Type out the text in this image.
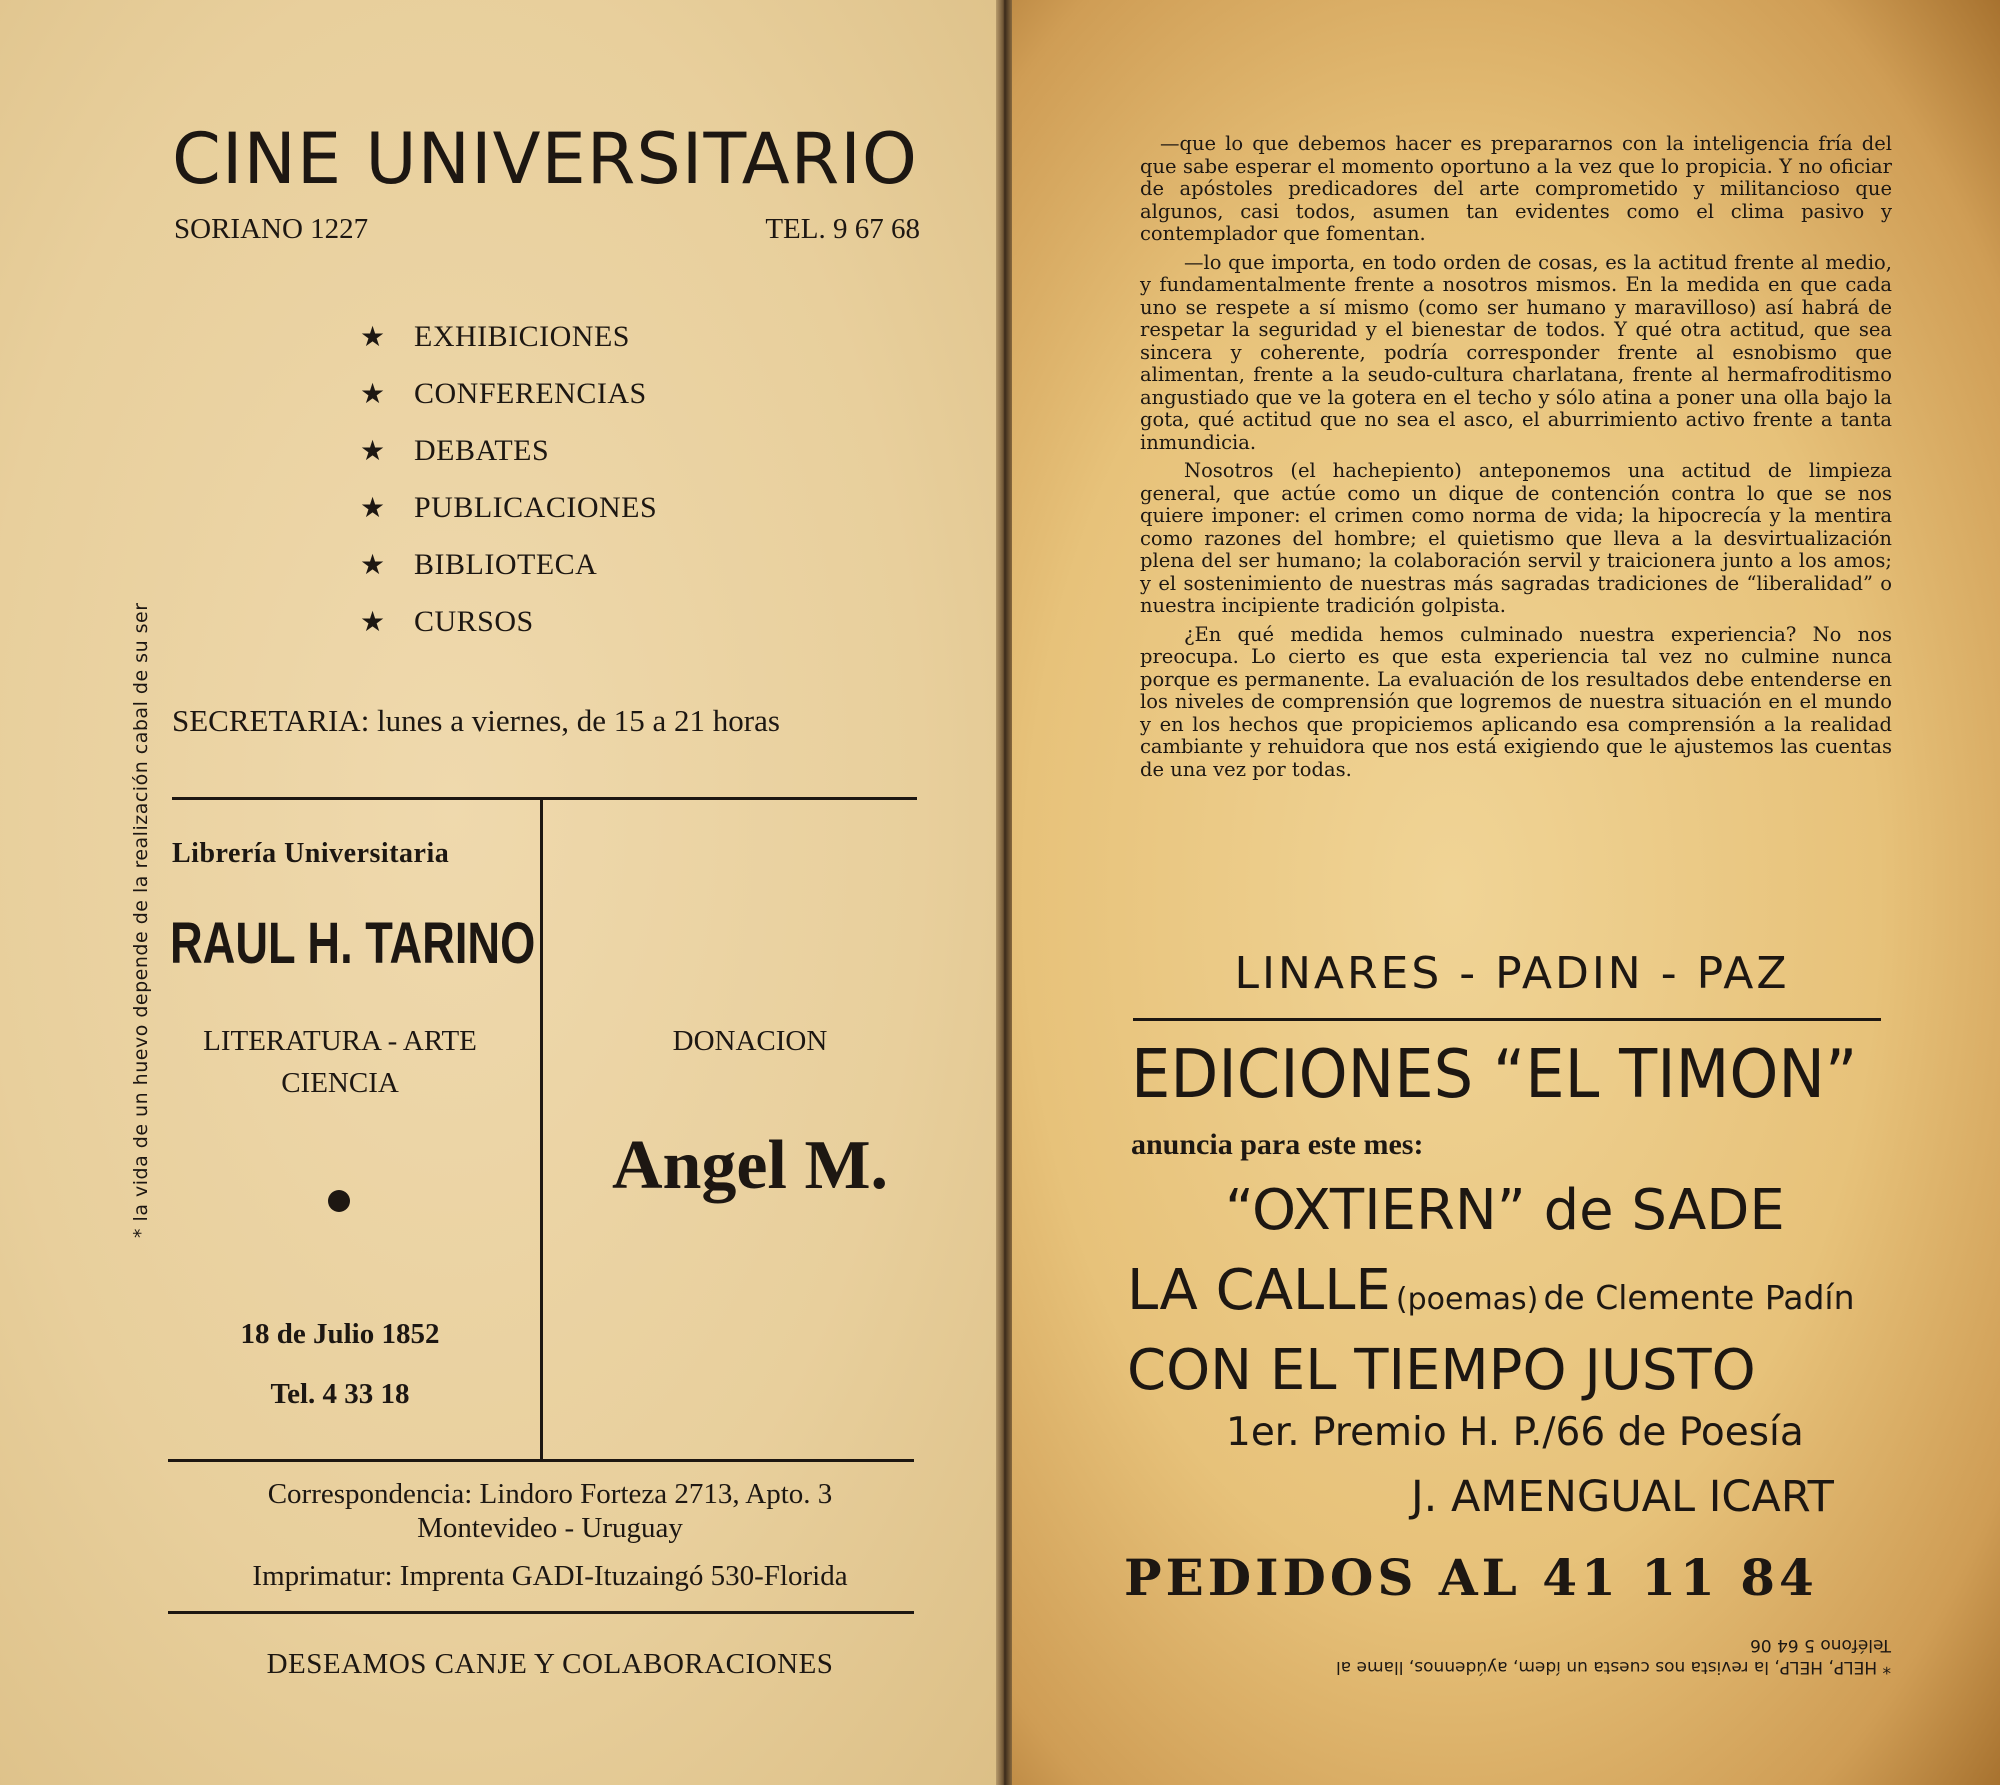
CINE UNIVERSITARIO
SORIANO 1227	TEL. 9 67 68
★ EXHIBICIONES
★ CONFERENCIAS
★ DEBATES
★ PUBLICACIONES
★ BIBLIOTECA
★ CURSOS
SECRETARIA: lunes a viernes, de 15 a 21 horas
Librería Universitaria
RAUL H. TARINO
LITERATURA - ARTE
CIENCIA
18 de Julio 1852
Tel. 4 33 18
DONACION
Angel M.
Correspondencia: Lindoro Forteza 2713, Apto. 3
Montevideo - Uruguay
Imprimatur: Imprenta GADI-Ituzaingó 530-Florida
DESEAMOS CANJE Y COLABORACIONES
* la vida de un huevo depende de la realización cabal de su ser

—que lo que debemos hacer es prepararnos con la inteligencia fría del que sabe esperar el momento oportuno a la vez que lo propicia. Y no oficiar de apóstoles predicadores del arte comprometido y militancioso que algunos, casi todos, asumen tan evidentes como el clima pasivo y contemplador que fomentan.

—lo que importa, en todo orden de cosas, es la actitud frente al medio, y fundamentalmente frente a nosotros mismos. En la medida en que cada uno se respete a sí mismo (como ser humano y maravilloso) así habrá de respetar la seguridad y el bienestar de todos. Y qué otra actitud, que sea sincera y coherente, podría corresponder frente al esnobismo que alimentan, frente a la seudo-cultura charlatana, frente al hermafroditismo angustiado que ve la gotera en el techo y sólo atina a poner una olla bajo la gota, qué actitud que no sea el asco, el aburrimiento activo frente a tanta inmundicia.

Nosotros (el hachepiento) anteponemos una actitud de limpieza general, que actúe como un dique de contención contra lo que se nos quiere imponer: el crimen como norma de vida; la hipocrecía y la mentira como razones del hombre; el quietismo que lleva a la desvirtualización plena del ser humano; la colaboración servil y traicionera junto a los amos; y el sostenimiento de nuestras más sagradas tradiciones de “liberalidad” o nuestra incipiente tradición golpista.

¿En qué medida hemos culminado nuestra experiencia? No nos preocupa. Lo cierto es que esta experiencia tal vez no culmine nunca porque es permanente. La evaluación de los resultados debe entenderse en los niveles de comprensión que logremos de nuestra situación en el mundo y en los hechos que propiciemos aplicando esa comprensión a la realidad cambiante y rehuidora que nos está exigiendo que le ajustemos las cuentas de una vez por todas.

LINARES - PADIN - PAZ
EDICIONES “EL TIMON”
anuncia para este mes:
“OXTIERN” de SADE
LA CALLE (poemas) de Clemente Padín
CON EL TIEMPO JUSTO
1er. Premio H. P./66 de Poesía
J. AMENGUAL ICART
PEDIDOS AL 41 11 84
* HELP, HELP, la revista nos cuesta un ídem, ayúdennos, llame al
Teléfono 5 64 06
